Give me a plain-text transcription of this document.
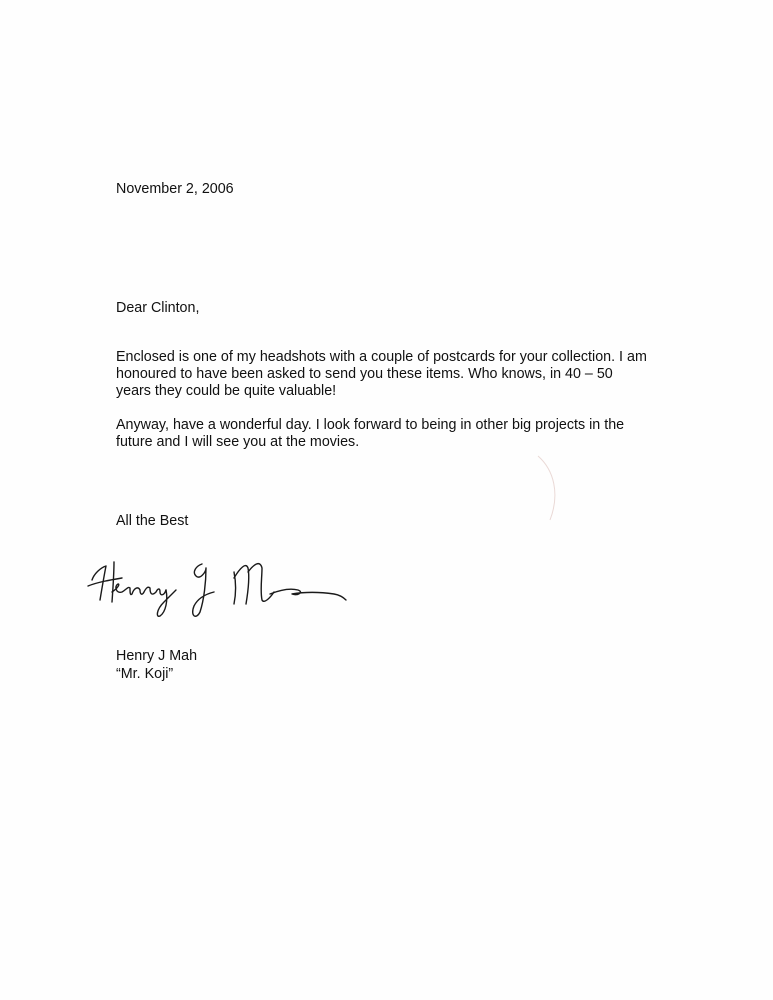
November 2, 2006

Dear Clinton,

Enclosed is one of my headshots with a couple of postcards for your collection. I am
honoured to have been asked to send you these items. Who knows, in 40 – 50
years they could be quite valuable!

Anyway, have a wonderful day. I look forward to being in other big projects in the
future and I will see you at the movies.

All the Best

Henry J Mah

“Mr. Koji”
